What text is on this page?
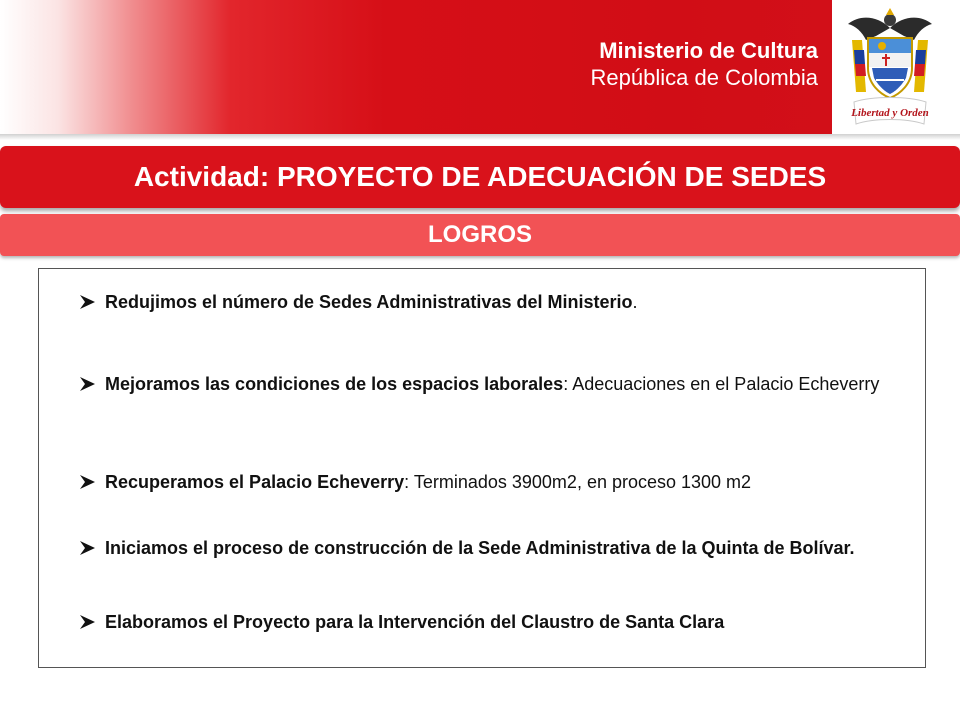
Ministerio de Cultura
República de Colombia
Libertad y Orden
Actividad: PROYECTO DE ADECUACIÓN DE SEDES
LOGROS
Redujimos el número de Sedes Administrativas del Ministerio.
Mejoramos las condiciones de los espacios laborales: Adecuaciones en el Palacio Echeverry
Recuperamos el Palacio Echeverry: Terminados 3900m2, en proceso 1300 m2
Iniciamos el proceso de construcción de la Sede Administrativa de la Quinta de Bolívar.
Elaboramos el Proyecto para la Intervención del Claustro de Santa Clara
